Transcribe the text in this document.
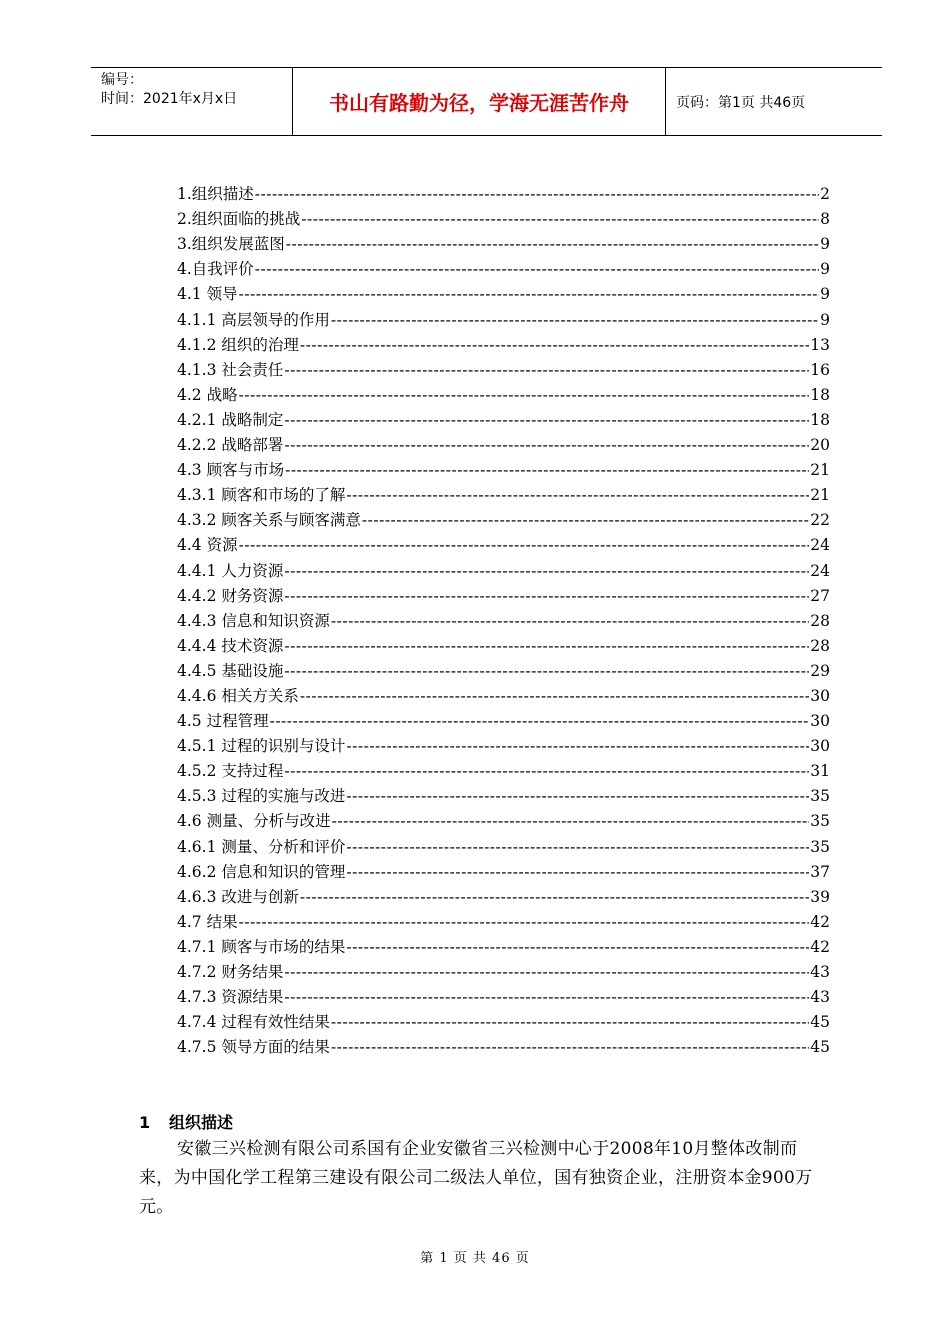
编号：
时间：2021年x月x日	书山有路勤为径，学海无涯苦作舟	页码：第1页 共46页
1.组织描述 -----	2
2.组织面临的挑战 -----	8
3.组织发展蓝图 -----	9
4.自我评价 -----	9
4.1 领导 -----	9
4.1.1 高层领导的作用 -----	9
4.1.2 组织的治理 -----	13
4.1.3 社会责任 -----	16
4.2 战略 -----	18
4.2.1 战略制定 -----	18
4.2.2 战略部署 -----	20
4.3 顾客与市场 -----	21
4.3.1 顾客和市场的了解 -----	21
4.3.2 顾客关系与顾客满意 -----	22
4.4 资源 -----	24
4.4.1 人力资源 -----	24
4.4.2 财务资源 -----	27
4.4.3 信息和知识资源 -----	28
4.4.4 技术资源 -----	28
4.4.5 基础设施 -----	29
4.4.6 相关方关系 -----	30
4.5 过程管理 -----	30
4.5.1 过程的识别与设计 -----	30
4.5.2 支持过程 -----	31
4.5.3 过程的实施与改进 -----	35
4.6 测量、分析与改进 -----	35
4.6.1 测量、分析和评价 -----	35
4.6.2 信息和知识的管理 -----	37
4.6.3 改进与创新 -----	39
4.7 结果 -----	42
4.7.1 顾客与市场的结果 -----	42
4.7.2 财务结果 -----	43
4.7.3 资源结果 -----	43
4.7.4 过程有效性结果 -----	45
4.7.5 领导方面的结果 -----	45
1 组织描述

安徽三兴检测有限公司系国有企业安徽省三兴检测中心于2008年10月整体改制而来，为中国化学工程第三建设有限公司二级法人单位，国有独资企业，注册资本金900万元。

第 1 页 共 46 页
